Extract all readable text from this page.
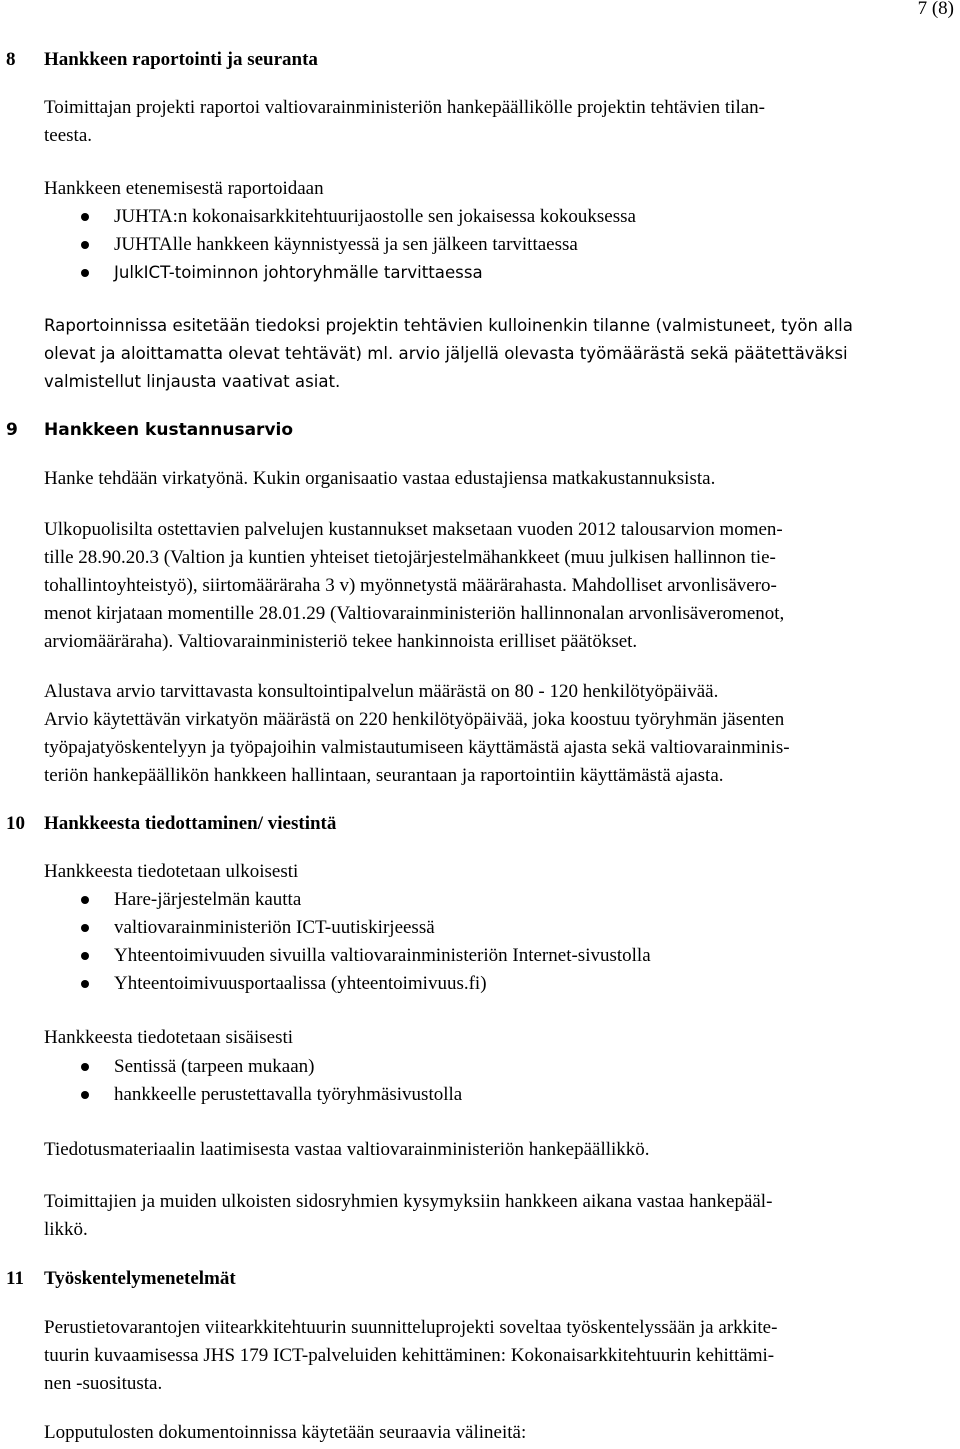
7 (8)
8 Hankkeen raportointi ja seuranta

Toimittajan projekti raportoi valtiovarainministeriön hankepäällikölle projektin tehtävien tilan-
teesta.

Hankkeen etenemisestä raportoidaan

JUHTA:n kokonaisarkkitehtuurijaostolle sen jokaisessa kokouksessa
JUHTAlle hankkeen käynnistyessä ja sen jälkeen tarvittaessa
JulkICT-toiminnon johtoryhmälle tarvittaessa

Raportoinnissa esitetään tiedoksi projektin tehtävien kulloinenkin tilanne (valmistuneet, työn alla
olevat ja aloittamatta olevat tehtävät) ml. arvio jäljellä olevasta työmäärästä sekä päätettäväksi
valmistellut linjausta vaativat asiat.

9 Hankkeen kustannusarvio

Hanke tehdään virkatyönä. Kukin organisaatio vastaa edustajiensa matkakustannuksista.

Ulkopuolisilta ostettavien palvelujen kustannukset maksetaan vuoden 2012 talousarvion momen-
tille 28.90.20.3 (Valtion ja kuntien yhteiset tietojärjestelmähankkeet (muu julkisen hallinnon tie-
tohallintoyhteistyö), siirtomääräraha 3 v) myönnetystä määrärahasta. Mahdolliset arvonlisävero-
menot kirjataan momentille 28.01.29 (Valtiovarainministeriön hallinnonalan arvonlisäveromenot,
arviomääräraha). Valtiovarainministeriö tekee hankinnoista erilliset päätökset.

Alustava arvio tarvittavasta konsultointipalvelun määrästä on 80 - 120 henkilötyöpäivää.
Arvio käytettävän virkatyön määrästä on 220 henkilötyöpäivää, joka koostuu työryhmän jäsenten
työpajatyöskentelyyn ja työpajoihin valmistautumiseen käyttämästä ajasta sekä valtiovarainminis-
teriön hankepäällikön hankkeen hallintaan, seurantaan ja raportointiin käyttämästä ajasta.

10 Hankkeesta tiedottaminen/ viestintä

Hankkeesta tiedotetaan ulkoisesti

Hare-järjestelmän kautta
valtiovarainministeriön ICT-uutiskirjeessä
Yhteentoimivuuden sivuilla valtiovarainministeriön Internet-sivustolla
Yhteentoimivuusportaalissa (yhteentoimivuus.fi)

Hankkeesta tiedotetaan sisäisesti

Sentissä (tarpeen mukaan)
hankkeelle perustettavalla työryhmäsivustolla

Tiedotusmateriaalin laatimisesta vastaa valtiovarainministeriön hankepäällikkö.

Toimittajien ja muiden ulkoisten sidosryhmien kysymyksiin hankkeen aikana vastaa hankepääl-
likkö.

11 Työskentelymenetelmät

Perustietovarantojen viitearkkitehtuurin suunnitteluprojekti soveltaa työskentelyssään ja arkkite-
tuurin kuvaamisessa JHS 179 ICT-palveluiden kehittäminen: Kokonaisarkkitehtuurin kehittämi-
nen -suositusta.

Lopputulosten dokumentoinnissa käytetään seuraavia välineitä:
